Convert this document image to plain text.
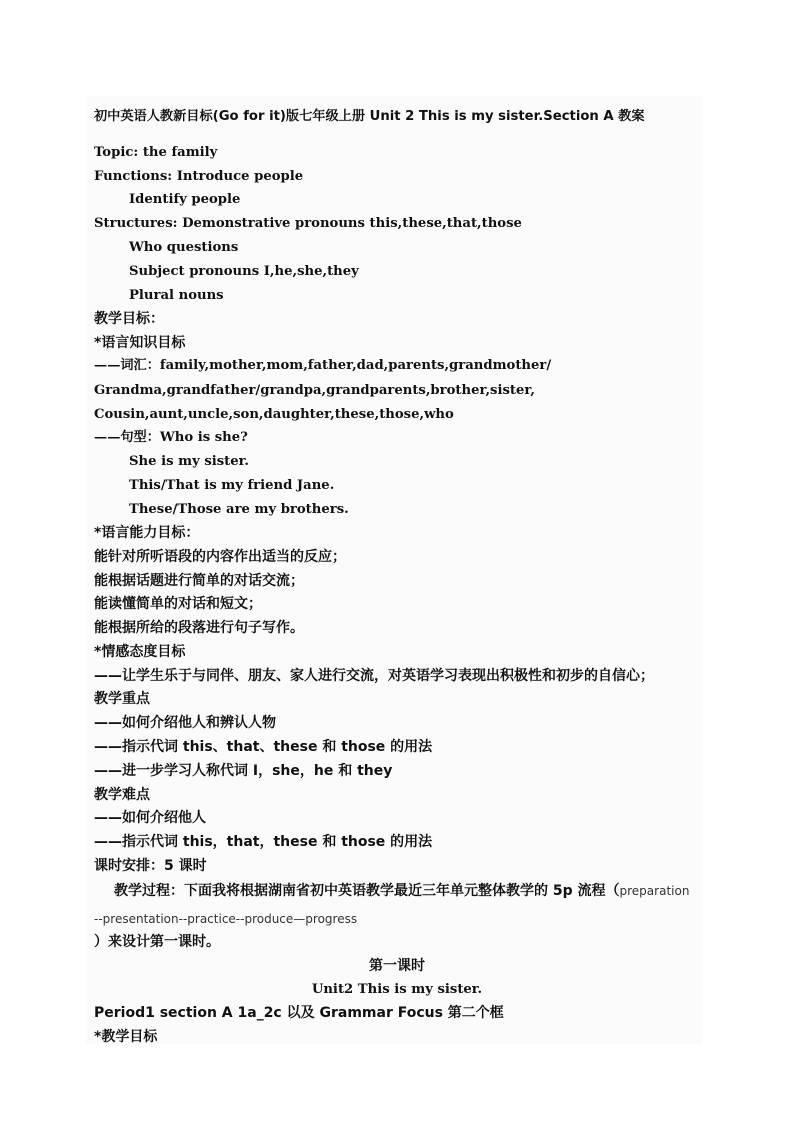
初中英语人教新目标(Go for it)版七年级上册 Unit 2 This is my sister.Section A 教案
Topic: the family
Functions: Introduce people
Identify people
Structures: Demonstrative pronouns this,these,that,those
Who questions
Subject pronouns I,he,she,they
Plural nouns
教学目标：
*语言知识目标
——词汇：family,mother,mom,father,dad,parents,grandmother/
Grandma,grandfather/grandpa,grandparents,brother,sister,
Cousin,aunt,uncle,son,daughter,these,those,who
——句型：Who is she?
She is my sister.
This/That is my friend Jane.
These/Those are my brothers.
*语言能力目标：
能针对所听语段的内容作出适当的反应；
能根据话题进行简单的对话交流；
能读懂简单的对话和短文；
能根据所给的段落进行句子写作。
*情感态度目标
——让学生乐于与同伴、朋友、家人进行交流，对英语学习表现出积极性和初步的自信心；
教学重点
——如何介绍他人和辨认人物
——指示代词 this、that、these 和 those 的用法
——进一步学习人称代词 I，she，he 和 they
教学难点
——如何介绍他人
——指示代词 this，that，these 和 those 的用法
课时安排：5 课时
教学过程：下面我将根据湖南省初中英语教学最近三年单元整体教学的 5p 流程（preparation
--presentation--practice--produce—progress
）来设计第一课时。
第一课时
Unit2 This is my sister.
Period1 section A 1a_2c 以及 Grammar Focus 第二个框
*教学目标
